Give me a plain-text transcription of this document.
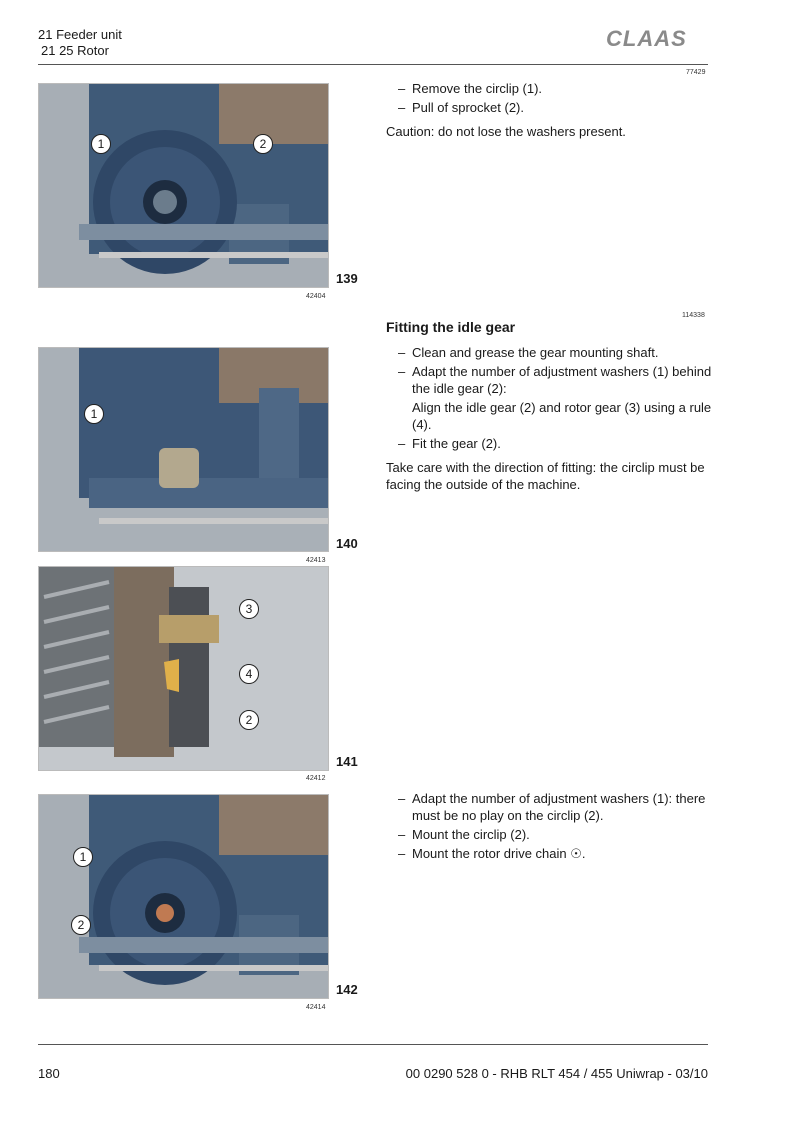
21 Feeder unit
21 25 Rotor	CLAAS
77429
– Remove the circlip (1).
– Pull of sprocket (2).
Caution: do not lose the washers present.
1	2
139
42404
114338
Fitting the idle gear
– Clean and grease the gear mounting shaft.
– Adapt the number of adjustment washers (1) behind the idle gear (2):
Align the idle gear (2) and rotor gear (3) using a rule (4).
– Fit the gear (2).
Take care with the direction of fitting: the circlip must be facing the outside of the machine.
1
140
42413
3
4
2
141
42412
– Adapt the number of adjustment washers (1): there must be no play on the circlip (2).
– Mount the circlip (2).
– Mount the rotor drive chain ☉.
1
2
142
42414
180	00 0290 528 0 - RHB RLT 454 / 455 Uniwrap - 03/10
